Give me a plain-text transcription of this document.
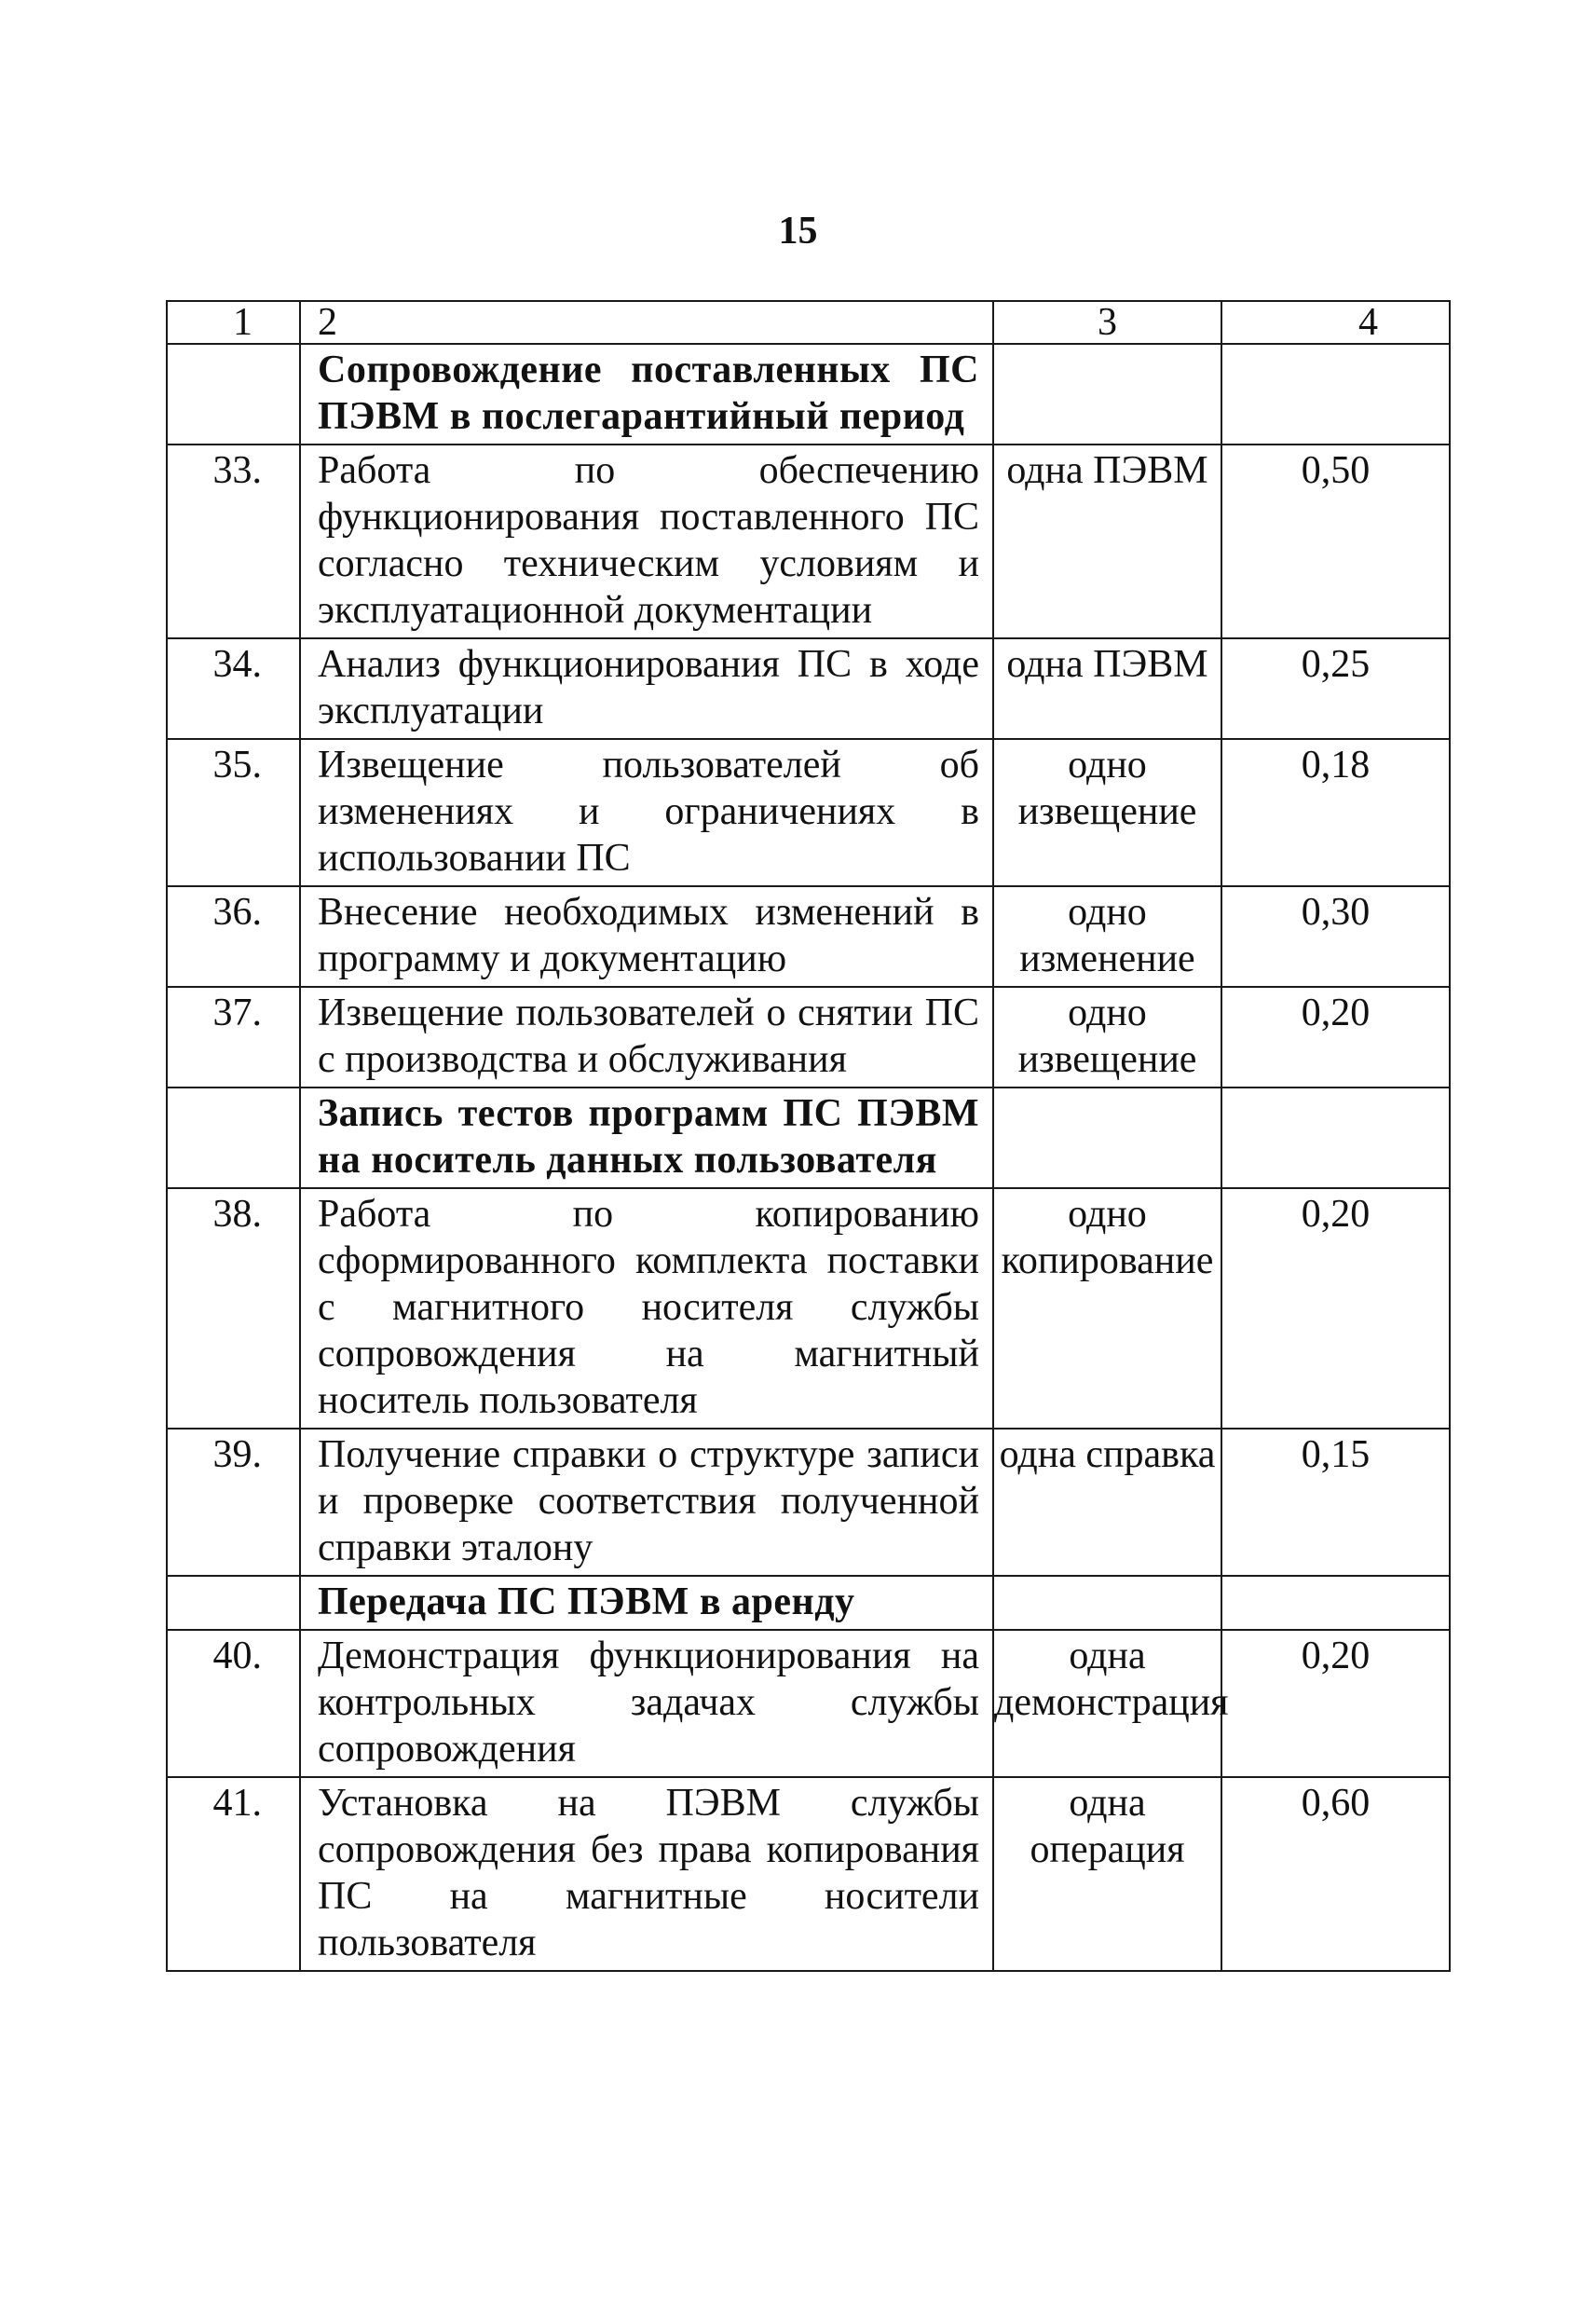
15
1	2	3	4
	Сопровождение поставленных ПС ПЭВМ в послегарантийный период		
33.	Работа по обеспечению функционирования поставленного ПС согласно техническим условиям и эксплуатационной документации	одна ПЭВМ	0,50
34.	Анализ функционирования ПС в ходе эксплуатации	одна ПЭВМ	0,25
35.	Извещение пользователей об изменениях и ограничениях в использовании ПС	одно извещение	0,18
36.	Внесение необходимых изменений в программу и документацию	одно изменение	0,30
37.	Извещение пользователей о снятии ПС с производства и обслуживания	одно извещение	0,20
	Запись тестов программ ПС ПЭВМ на носитель данных пользователя		
38.	Работа по копированию сформированного комплекта поставки с магнитного носителя службы сопровождения на магнитный носитель пользователя	одно копирование	0,20
39.	Получение справки о структуре записи и проверке соответствия полученной справки эталону	одна справка	0,15
	Передача ПС ПЭВМ в аренду		
40.	Демонстрация функционирования на контрольных задачах службы сопровождения	одна демонстрация	0,20
41.	Установка на ПЭВМ службы сопровождения без права копирования ПС на магнитные носители пользователя	одна операция	0,60
